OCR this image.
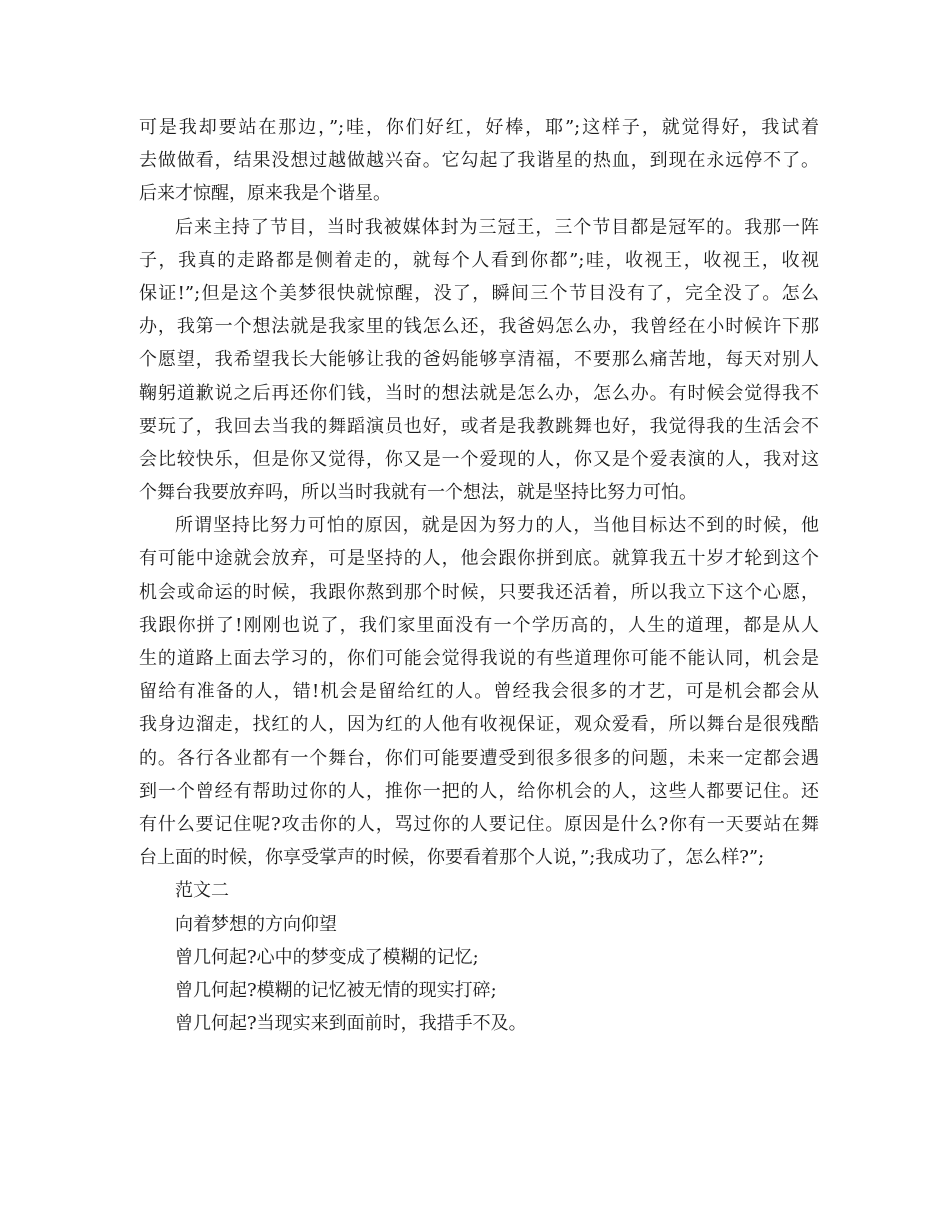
可是我却要站在那边，”;哇，你们好红，好棒，耶”;这样子，就觉得好，我试着
去做做看，结果没想过越做越兴奋。它勾起了我谐星的热血，到现在永远停不了。
后来才惊醒，原来我是个谐星。
后来主持了节目，当时我被媒体封为三冠王，三个节目都是冠军的。我那一阵
子，我真的走路都是侧着走的，就每个人看到你都”;哇，收视王，收视王，收视
保证!”;但是这个美梦很快就惊醒，没了，瞬间三个节目没有了，完全没了。怎么
办，我第一个想法就是我家里的钱怎么还，我爸妈怎么办，我曾经在小时候许下那
个愿望，我希望我长大能够让我的爸妈能够享清福，不要那么痛苦地，每天对别人
鞠躬道歉说之后再还你们钱，当时的想法就是怎么办，怎么办。有时候会觉得我不
要玩了，我回去当我的舞蹈演员也好，或者是我教跳舞也好，我觉得我的生活会不
会比较快乐，但是你又觉得，你又是一个爱现的人，你又是个爱表演的人，我对这
个舞台我要放弃吗，所以当时我就有一个想法，就是坚持比努力可怕。
所谓坚持比努力可怕的原因，就是因为努力的人，当他目标达不到的时候，他
有可能中途就会放弃，可是坚持的人，他会跟你拼到底。就算我五十岁才轮到这个
机会或命运的时候，我跟你熬到那个时候，只要我还活着，所以我立下这个心愿，
我跟你拼了!刚刚也说了，我们家里面没有一个学历高的，人生的道理，都是从人
生的道路上面去学习的，你们可能会觉得我说的有些道理你可能不能认同，机会是
留给有准备的人，错!机会是留给红的人。曾经我会很多的才艺，可是机会都会从
我身边溜走，找红的人，因为红的人他有收视保证，观众爱看，所以舞台是很残酷
的。各行各业都有一个舞台，你们可能要遭受到很多很多的问题，未来一定都会遇
到一个曾经有帮助过你的人，推你一把的人，给你机会的人，这些人都要记住。还
有什么要记住呢?攻击你的人，骂过你的人要记住。原因是什么?你有一天要站在舞
台上面的时候，你享受掌声的时候，你要看着那个人说，”;我成功了，怎么样?”;
范文二
向着梦想的方向仰望
曾几何起?心中的梦变成了模糊的记忆;
曾几何起?模糊的记忆被无情的现实打碎;
曾几何起?当现实来到面前时，我措手不及。
